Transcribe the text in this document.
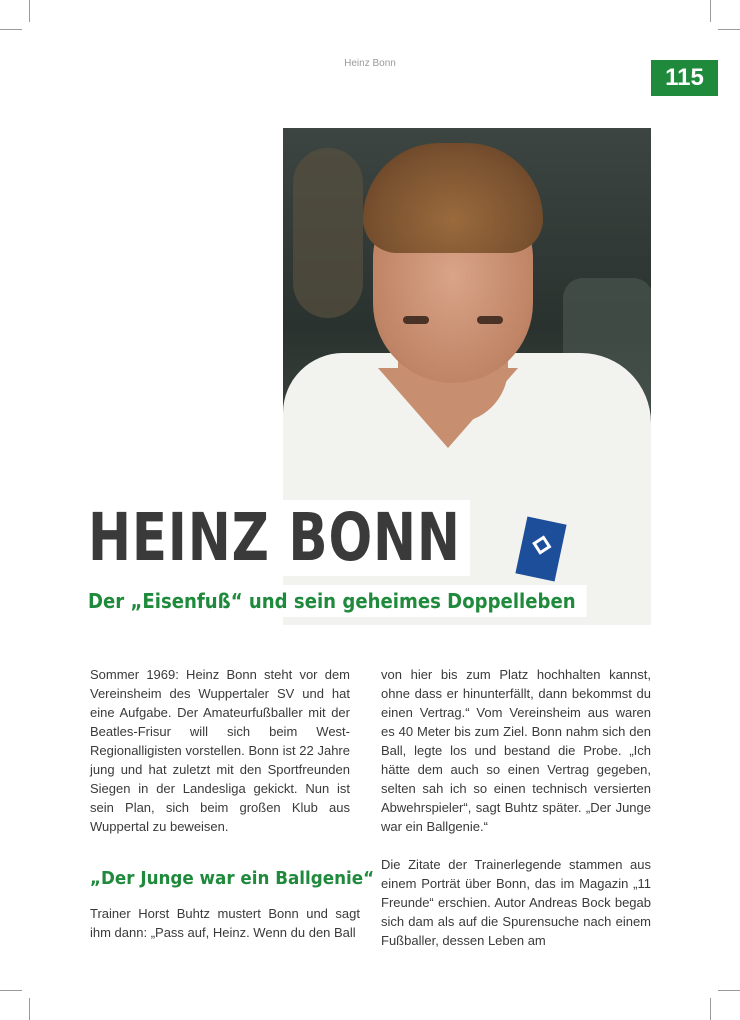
Heinz Bonn
115
HEINZ BONN
Der „Eisenfuß“ und sein geheimes Doppelleben

Sommer 1969: Heinz Bonn steht vor dem Vereinsheim des Wuppertaler SV und hat eine Aufgabe. Der Amateurfußballer mit der Beatles-Frisur will sich beim West-Regionalligisten vorstellen. Bonn ist 22 Jahre jung und hat zuletzt mit den Sportfreunden Siegen in der Landesliga gekickt. Nun ist sein Plan, sich beim großen Klub aus Wuppertal zu beweisen.

„Der Junge war ein Ballgenie“

Trainer Horst Buhtz mustert Bonn und sagt ihm dann: „Pass auf, Heinz. Wenn du den Ball

von hier bis zum Platz hochhalten kannst, ohne dass er hinunterfällt, dann bekommst du einen Vertrag.“ Vom Vereinsheim aus waren es 40 Meter bis zum Ziel. Bonn nahm sich den Ball, legte los und bestand die Probe. „Ich hätte dem auch so einen Vertrag gegeben, selten sah ich so einen technisch versierten Abwehrspieler“, sagt Buhtz später. „Der Junge war ein Ballgenie.“

Die Zitate der Trainerlegende stammen aus einem Porträt über Bonn, das im Magazin „11 Freunde“ erschien. Autor Andreas Bock begab sich dam als auf die Spurensuche nach einem Fußballer, dessen Leben am
